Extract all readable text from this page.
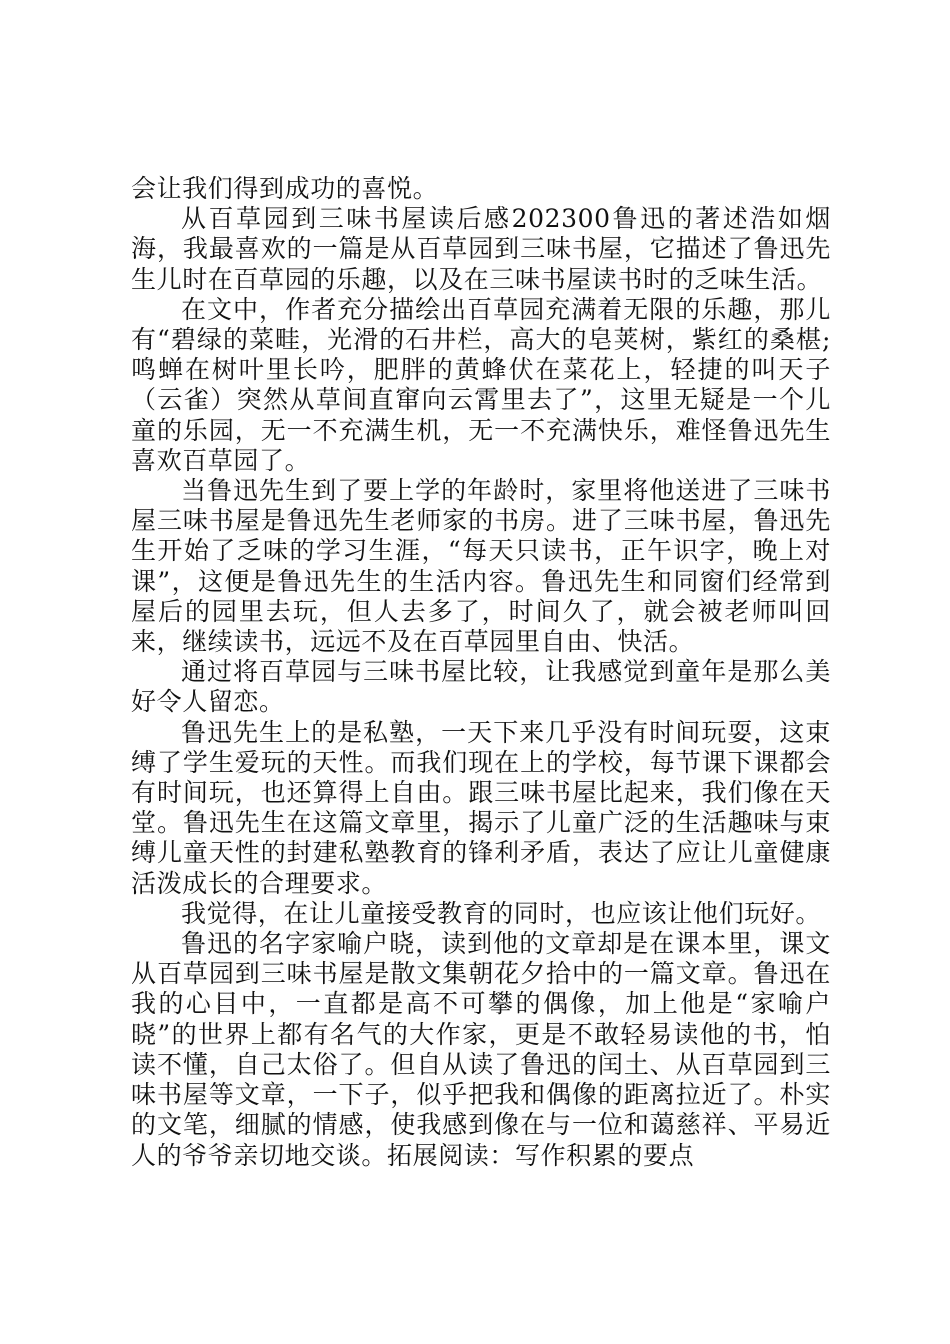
会让我们得到成功的喜悦。

从百草园到三味书屋读后感202300鲁迅的著述浩如烟海，我最喜欢的一篇是从百草园到三味书屋，它描述了鲁迅先生儿时在百草园的乐趣，以及在三味书屋读书时的乏味生活。

在文中，作者充分描绘出百草园充满着无限的乐趣，那儿有“碧绿的菜畦，光滑的石井栏，高大的皂荚树，紫红的桑椹;鸣蝉在树叶里长吟，肥胖的黄蜂伏在菜花上，轻捷的叫天子（云雀）突然从草间直窜向云霄里去了”，这里无疑是一个儿童的乐园，无一不充满生机，无一不充满快乐，难怪鲁迅先生喜欢百草园了。

当鲁迅先生到了要上学的年龄时，家里将他送进了三味书屋三味书屋是鲁迅先生老师家的书房。进了三味书屋，鲁迅先生开始了乏味的学习生涯，“每天只读书，正午识字，晚上对课”，这便是鲁迅先生的生活内容。鲁迅先生和同窗们经常到屋后的园里去玩，但人去多了，时间久了，就会被老师叫回来，继续读书，远远不及在百草园里自由、快活。

通过将百草园与三味书屋比较，让我感觉到童年是那么美好令人留恋。

鲁迅先生上的是私塾，一天下来几乎没有时间玩耍，这束缚了学生爱玩的天性。而我们现在上的学校，每节课下课都会有时间玩，也还算得上自由。跟三味书屋比起来，我们像在天堂。鲁迅先生在这篇文章里，揭示了儿童广泛的生活趣味与束缚儿童天性的封建私塾教育的锋利矛盾，表达了应让儿童健康活泼成长的合理要求。

我觉得，在让儿童接受教育的同时，也应该让他们玩好。

鲁迅的名字家喻户晓，读到他的文章却是在课本里，课文从百草园到三味书屋是散文集朝花夕拾中的一篇文章。鲁迅在我的心目中，一直都是高不可攀的偶像，加上他是“家喻户晓”的世界上都有名气的大作家，更是不敢轻易读他的书，怕读不懂，自己太俗了。但自从读了鲁迅的闰土、从百草园到三味书屋等文章，一下子，似乎把我和偶像的距离拉近了。朴实的文笔，细腻的情感，使我感到像在与一位和蔼慈祥、平易近人的爷爷亲切地交谈。拓展阅读：写作积累的要点
